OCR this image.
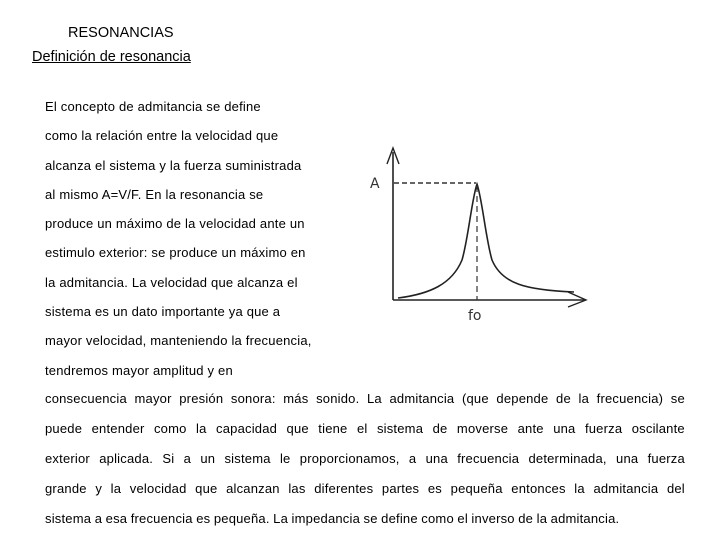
RESONANCIAS
Definición de resonancia
El concepto de admitancia se define
como la relación entre la velocidad que
alcanza el sistema y la fuerza suministrada
al mismo A=V/F. En la resonancia se
produce un máximo de la velocidad ante un
estimulo exterior: se produce un máximo en
la admitancia. La velocidad que alcanza el
sistema es un dato importante ya que a
mayor velocidad, manteniendo la frecuencia,
tendremos mayor amplitud y en
consecuencia mayor presión sonora: más sonido. La admitancia (que depende de la frecuencia) se
puede entender como la capacidad que tiene el sistema de moverse ante una fuerza oscilante
exterior aplicada. Si a un sistema le proporcionamos, a una frecuencia determinada, una fuerza
grande y la velocidad que alcanzan las diferentes partes es pequeña entonces la admitancia del
sistema a esa frecuencia es pequeña. La impedancia se define como el inverso de la admitancia.
A
fo
